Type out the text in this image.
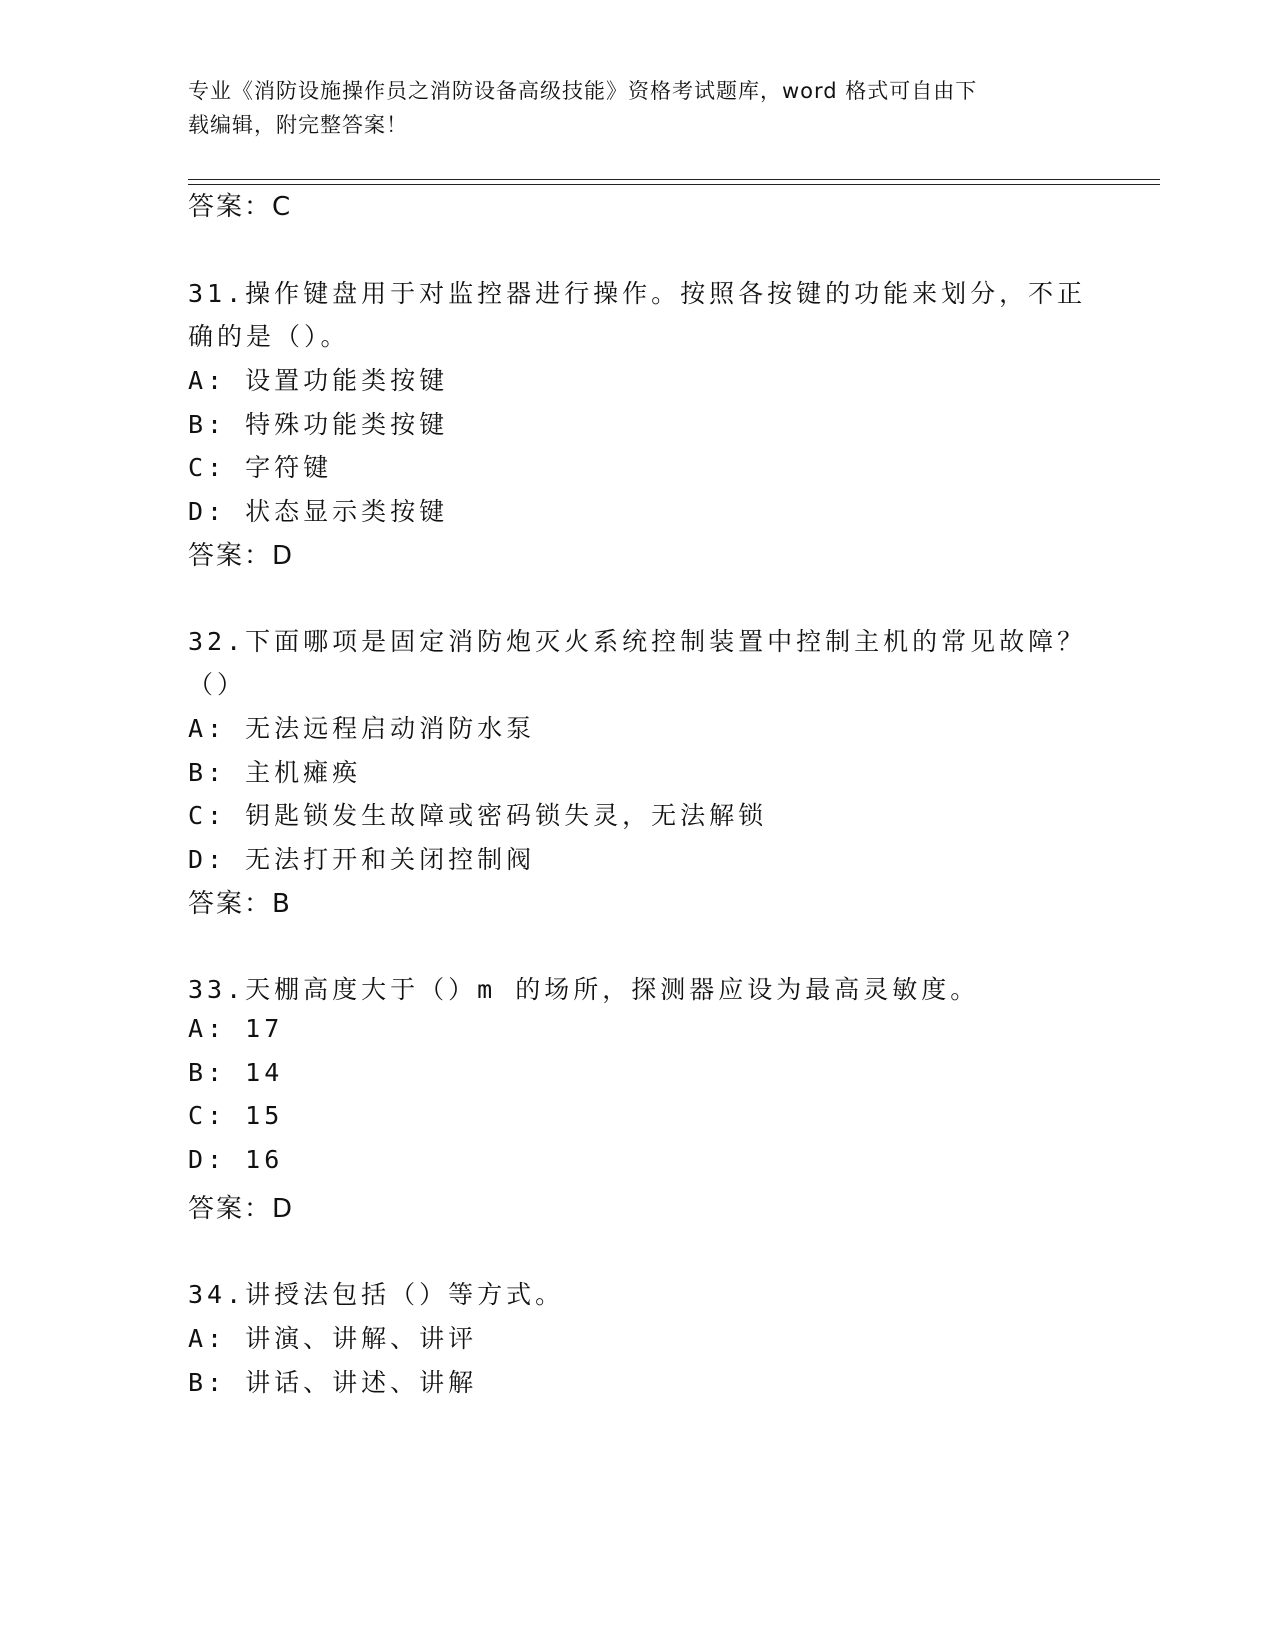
专业《消防设施操作员之消防设备高级技能》资格考试题库，word 格式可自由下
载编辑，附完整答案！
答案：C
31.操作键盘用于对监控器进行操作。按照各按键的功能来划分，不正
确的是（）。
A: 设置功能类按键
B: 特殊功能类按键
C: 字符键
D: 状态显示类按键
答案：D
32.下面哪项是固定消防炮灭火系统控制装置中控制主机的常见故障？
（）
A: 无法远程启动消防水泵
B: 主机瘫痪
C: 钥匙锁发生故障或密码锁失灵，无法解锁
D: 无法打开和关闭控制阀
答案：B
33.天棚高度大于（）m 的场所，探测器应设为最高灵敏度。
A: 17
B: 14
C: 15
D: 16
答案：D
34.讲授法包括（）等方式。
A: 讲演、讲解、讲评
B: 讲话、讲述、讲解
